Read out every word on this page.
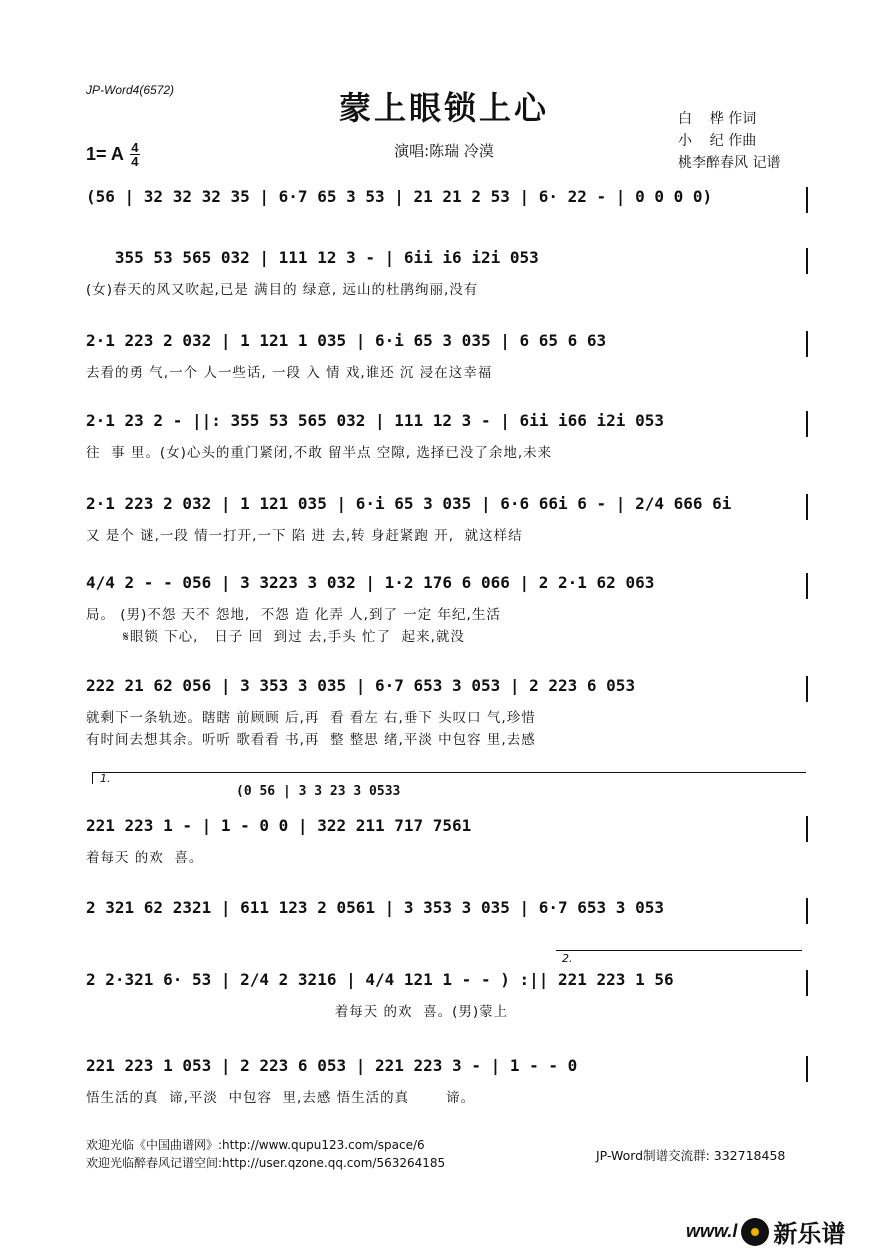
JP-Word4(6572)	蒙上眼锁上心
1= A $\frac{4}{4}$	演唱:陈瑞 冷漠
白    桦 作词
小    纪 作曲
桃李醉春风 记谱
1.
(0 56 | 3 3 23 3 0533
2.
(56 | 32 32 32 35 | 6·7 65 3 53 | 21 21 2 53 | 6· 22 - | 0 0 0 0)
355 53 565 032 | 111 12 3 - | 6ii i6 i2i 053
(女)春天的风又吹起,已是 满目的 绿意, 远山的杜鹃绚丽,没有
2·1 223 2 032 | 1 121 1 035 | 6·i 65 3 035 | 6 65 6 63
去看的勇 气,一个 人一些话, 一段 入 情 戏,谁还 沉 浸在这幸福
2·1 23 2 - ||: 355 53 565 032 | 111 12 3 - | 6ii i66 i2i 053
往  事 里。(女)心头的重门紧闭,不敢 留半点 空隙, 选择已没了余地,未来
2·1 223 2 032 | 1 121 035 | 6·i 65 3 035 | 6·6 66i 6 - | 2/4 666 6i
又 是个 谜,一段 情一打开,一下 陷 进 去,转 身赶紧跑 开,  就这样结
4/4 2 - - 056 | 3 3223 3 032 | 1·2 176 6 066 | 2 2·1 62 063
局。 (男)不怨 天不 怨地,  不怨 造 化弄 人,到了 一定 年纪,生活
𝄋眼锁 下心,   日子 回  到过 去,手头 忙了  起来,就没
222 21 62 056 | 3 353 3 035 | 6·7 653 3 053 | 2 223 6 053
就剩下一条轨迹。瞎瞎 前顾顾 后,再  看 看左 右,垂下 头叹口 气,珍惜
有时间去想其余。听听 歌看看 书,再  整 整思 绪,平淡 中包容 里,去感
221 223 1 - | 1 - 0 0 | 322 211 717 7561
着每天 的欢  喜。
2 321 62 2321 | 611 123 2 0561 | 3 353 3 035 | 6·7 653 3 053
2 2·321 6· 53 | 2/4 2 3216 | 4/4 121 1 - - ) :|| 221 223 1 56
着每天 的欢  喜。(男)蒙上
221 223 1 053 | 2 223 6 053 | 221 223 3 - | 1 - - 0
悟生活的真  谛,平淡  中包容  里,去感 悟生活的真       谛。
欢迎光临《中国曲谱网》:http://www.qupu123.com/space/6
欢迎光临醉春风记谱空间:http://user.qzone.qq.com/563264185	JP-Word制谱交流群: 332718458
www.l 新乐谱
